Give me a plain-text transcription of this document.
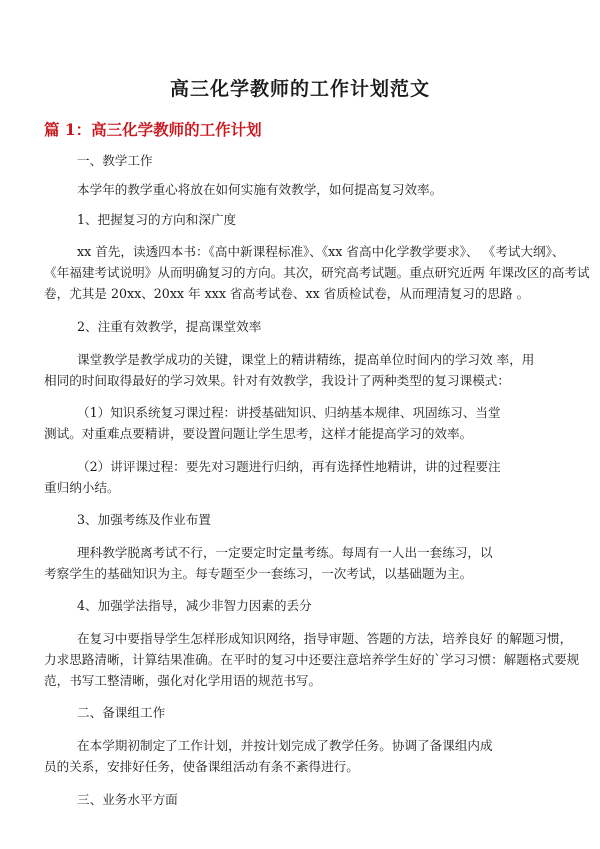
高三化学教师的工作计划范文
篇 1：高三化学教师的工作计划
一、教学工作
本学年的教学重心将放在如何实施有效教学，如何提高复习效率。
1、把握复习的方向和深广度
xx 首先，读透四本书：《高中新课程标准》、《xx 省高中化学教学要求》、 《考试大纲》、
《年福建考试说明》从而明确复习的方向。其次，研究高考试题。重点研究近两 年课改区的高考试
卷，尤其是 20xx、20xx 年 xxx 省高考试卷、xx 省质检试卷，从而理清复习的思路 。
2、注重有效教学，提高课堂效率
课堂教学是教学成功的关键，课堂上的精讲精练，提高单位时间内的学习效 率，用
相同的时间取得最好的学习效果。针对有效教学，我设计了两种类型的复习课模式：
（1）知识系统复习课过程：讲授基础知识、归纳基本规律、巩固练习、当堂
测试。对重难点要精讲，要设置问题让学生思考，这样才能提高学习的效率。
（2）讲评课过程：要先对习题进行归纳，再有选择性地精讲，讲的过程要注
重归纳小结。
3、加强考练及作业布置
理科教学脱离考试不行，一定要定时定量考练。每周有一人出一套练习，以
考察学生的基础知识为主。每专题至少一套练习，一次考试，以基础题为主。
4、加强学法指导，减少非智力因素的丢分
在复习中要指导学生怎样形成知识网络，指导审题、答题的方法，培养良好 的解题习惯，
力求思路清晰，计算结果准确。在平时的复习中还要注意培养学生好的`学习习惯：解题格式要规
范，书写工整清晰，强化对化学用语的规范书写。
二、备课组工作
在本学期初制定了工作计划，并按计划完成了教学任务。协调了备课组内成
员的关系，安排好任务，使备课组活动有条不紊得进行。
三、业务水平方面
